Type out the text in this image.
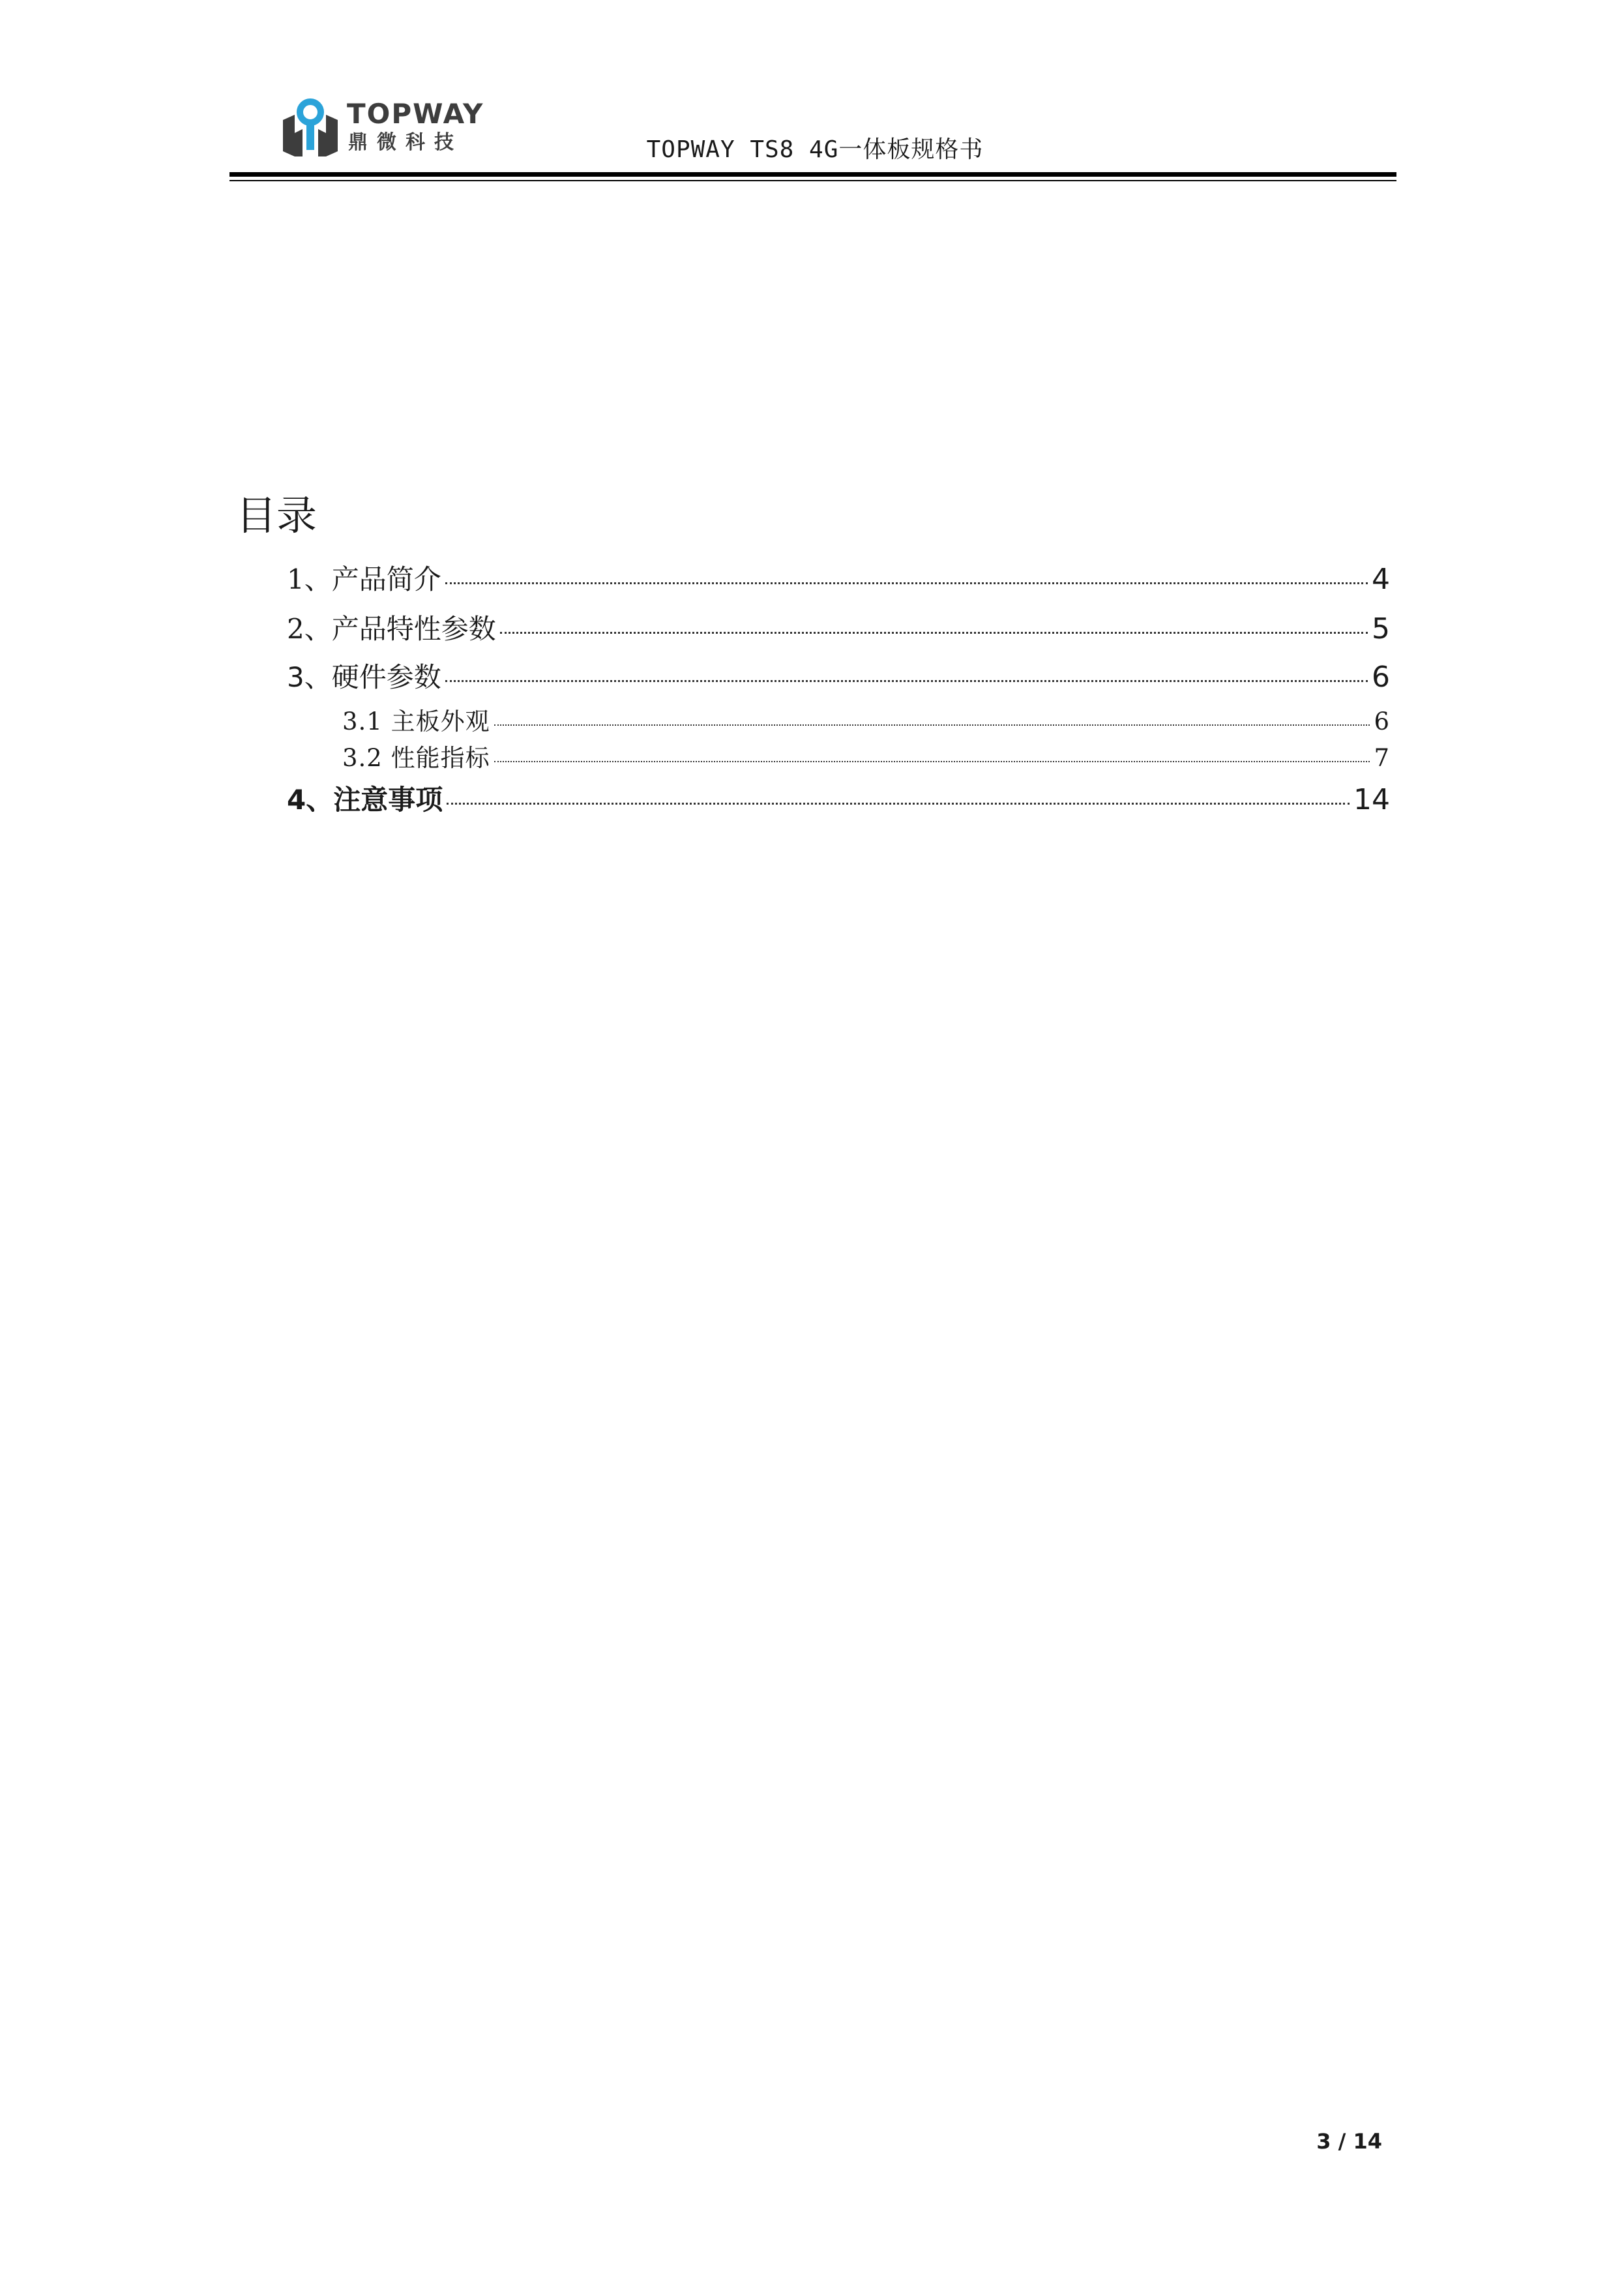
TOPWAY
鼎微科技	TOPWAY TS8 4G一体板规格书
目录
1、产品简介	4
2、产品特性参数	5
3、硬件参数	6
3.1 主板外观	6
3.2 性能指标	7
4、注意事项	14
3 / 14
